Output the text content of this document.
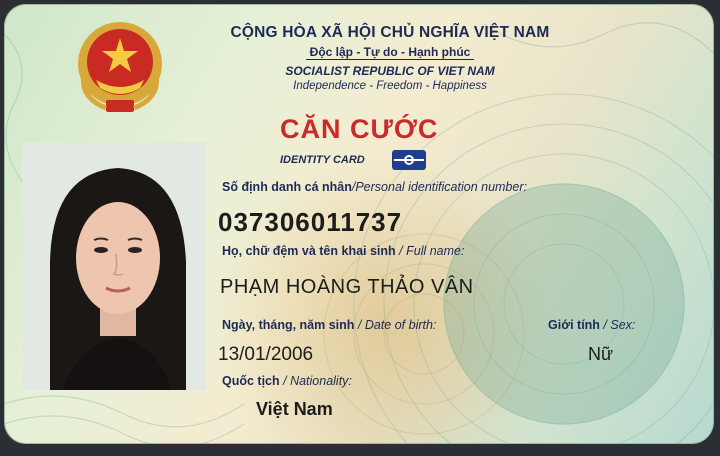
CỘNG HÒA XÃ HỘI CHỦ NGHĨA VIỆT NAM
Độc lập - Tự do - Hạnh phúc
SOCIALIST REPUBLIC OF VIET NAM
Independence - Freedom - Happiness
CĂN CƯỚC
IDENTITY CARD
Số định danh cá nhân/Personal identification number:
037306011737
Họ, chữ đệm và tên khai sinh / Full name:
PHẠM HOÀNG THẢO VÂN
Ngày, tháng, năm sinh / Date of birth:
13/01/2006
Giới tính / Sex:
Nữ
Quốc tịch / Nationality:
Việt Nam
